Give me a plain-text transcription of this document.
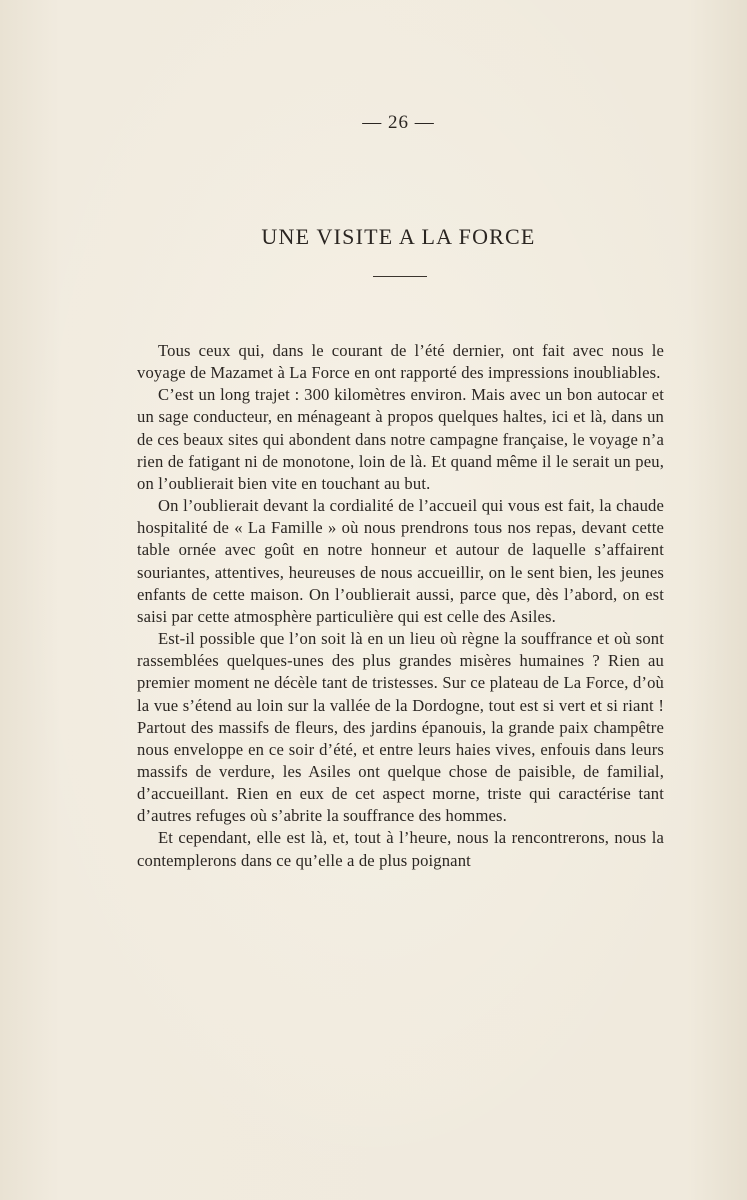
— 26 —
UNE VISITE A LA FORCE

Tous ceux qui, dans le courant de l’été dernier, ont fait avec nous le voyage de Mazamet à La Force en ont rapporté des impressions inoubliables.

C’est un long trajet : 300 kilomètres environ. Mais avec un bon autocar et un sage conducteur, en ménageant à propos quelques haltes, ici et là, dans un de ces beaux sites qui abondent dans notre campagne française, le voyage n’a rien de fatigant ni de monotone, loin de là. Et quand même il le serait un peu, on l’oublierait bien vite en touchant au but.

On l’oublierait devant la cordialité de l’accueil qui vous est fait, la chaude hospitalité de « La Famille » où nous prendrons tous nos repas, devant cette table ornée avec goût en notre honneur et autour de laquelle s’affairent souriantes, attentives, heureuses de nous accueillir, on le sent bien, les jeunes enfants de cette maison. On l’oublierait aussi, parce que, dès l’abord, on est saisi par cette atmosphère particulière qui est celle des Asiles.

Est-il possible que l’on soit là en un lieu où règne la souffrance et où sont rassemblées quelques-unes des plus grandes misères humaines ? Rien au premier moment ne décèle tant de tristesses. Sur ce plateau de La Force, d’où la vue s’étend au loin sur la vallée de la Dordogne, tout est si vert et si riant ! Partout des massifs de fleurs, des jardins épanouis, la grande paix champêtre nous enveloppe en ce soir d’été, et entre leurs haies vives, enfouis dans leurs massifs de verdure, les Asiles ont quelque chose de paisible, de familial, d’accueillant. Rien en eux de cet aspect morne, triste qui caractérise tant d’autres refuges où s’abrite la souffrance des hommes.

Et cependant, elle est là, et, tout à l’heure, nous la rencontrerons, nous la contemplerons dans ce qu’elle a de plus poignant
